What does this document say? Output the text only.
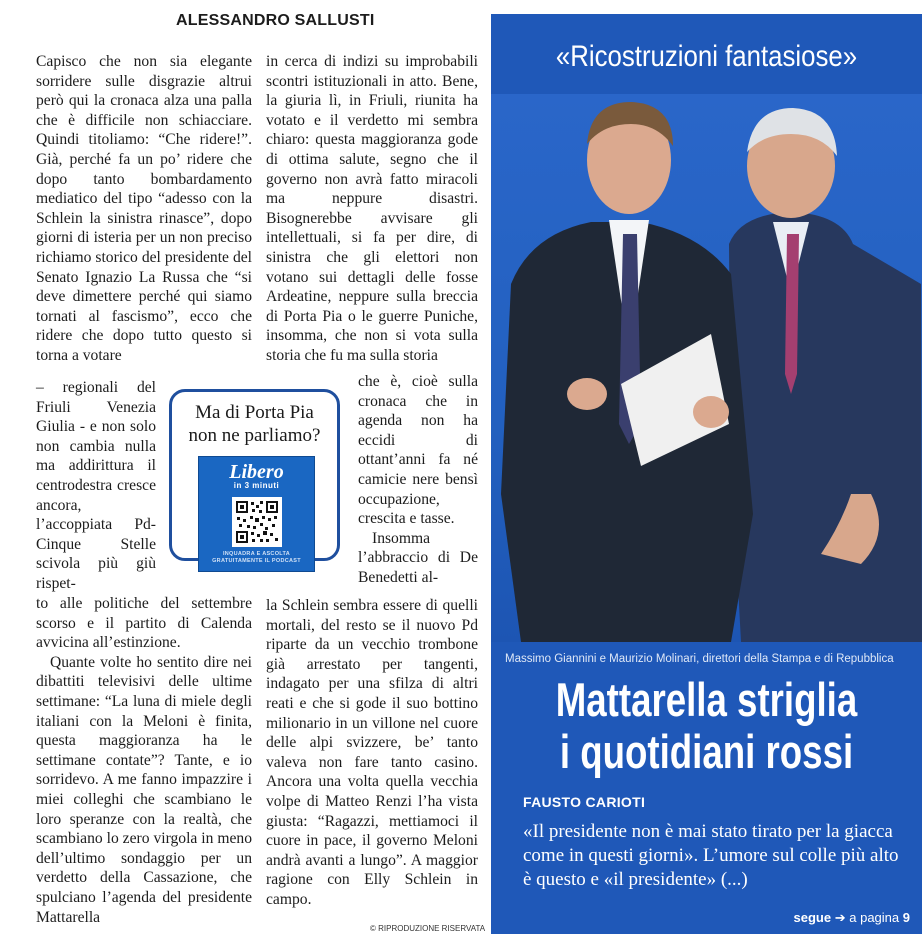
ALESSANDRO SALLUSTI

Capisco che non sia elegante sorridere sulle disgrazie altrui però qui la cronaca alza una palla che è difficile non schiacciare. Quindi titoliamo: “Che ridere!”. Già, perché fa un po’ ridere che dopo tanto bombardamento mediatico del tipo “adesso con la Schlein la sinistra rinasce”, dopo giorni di isteria per un non preciso richiamo storico del presidente del Senato Ignazio La Russa che “si deve dimettere perché qui siamo tornati al fascismo”, ecco che ridere che dopo tutto questo si torna a votare

– regionali del Friuli Venezia Giulia - e non solo non cambia nulla ma addirittura il centrodestra cresce ancora, l’accoppiata Pd-Cinque Stelle scivola più giù rispet-

to alle politiche del settembre scorso e il partito di Calenda avvicina all’estinzione.

Quante volte ho sentito dire nei dibattiti televisivi delle ultime settimane: “La luna di miele degli italiani con la Meloni è finita, questa maggioranza ha le settimane contate”? Tante, e io sorridevo. A me fanno impazzire i miei colleghi che scambiano le loro speranze con la realtà, che scambiano lo zero virgola in meno dell’ultimo sondaggio per un verdetto della Cassazione, che spulciano l’agenda del presidente Mattarella

in cerca di indizi su improbabili scontri istituzionali in atto. Bene, la giuria lì, in Friuli, riunita ha votato e il verdetto mi sembra chiaro: questa maggioranza gode di ottima salute, segno che il governo non avrà fatto miracoli ma neppure disastri. Bisognerebbe avvisare gli intellettuali, si fa per dire, di sinistra che gli elettori non votano sui dettagli delle fosse Ardeatine, neppure sulla breccia di Porta Pia o le guerre Puniche, insomma, che non si vota sulla storia che fu ma sulla storia

che è, cioè sulla cronaca che in agenda non ha eccidi di ottant’anni fa né camicie nere bensì occupazione, crescita e tasse.

Insomma l’abbraccio di De Benedetti al-

la Schlein sembra essere di quelli mortali, del resto se il nuovo Pd riparte da un vecchio trombone già arrestato per tangenti, indagato per una sfilza di altri reati e che si gode il suo bottino milionario in un villone nel cuore delle alpi svizzere, be’ tanto valeva non fare tanto casino. Ancora una volta quella vecchia volpe di Matteo Renzi l’ha vista giusta: “Ragazzi, mettiamoci il cuore in pace, il governo Meloni andrà avanti a lungo”. A maggior ragione con Elly Schlein in campo.

Ma di Porta Pia
non ne parliamo?
Libero
in 3 minuti
INQUADRA E ASCOLTA GRATUITAMENTE IL PODCAST
© RIPRODUZIONE RISERVATA
«Ricostruzioni fantasiose»
Massimo Giannini e Maurizio Molinari, direttori della Stampa e di Repubblica
Mattarella striglia
i quotidiani rossi
FAUSTO CARIOTI
«Il presidente non è mai stato tirato per la giacca come in questi giorni». L’umore sul colle più alto è questo e «il presidente» (...)
segue ➔ a pagina 9
